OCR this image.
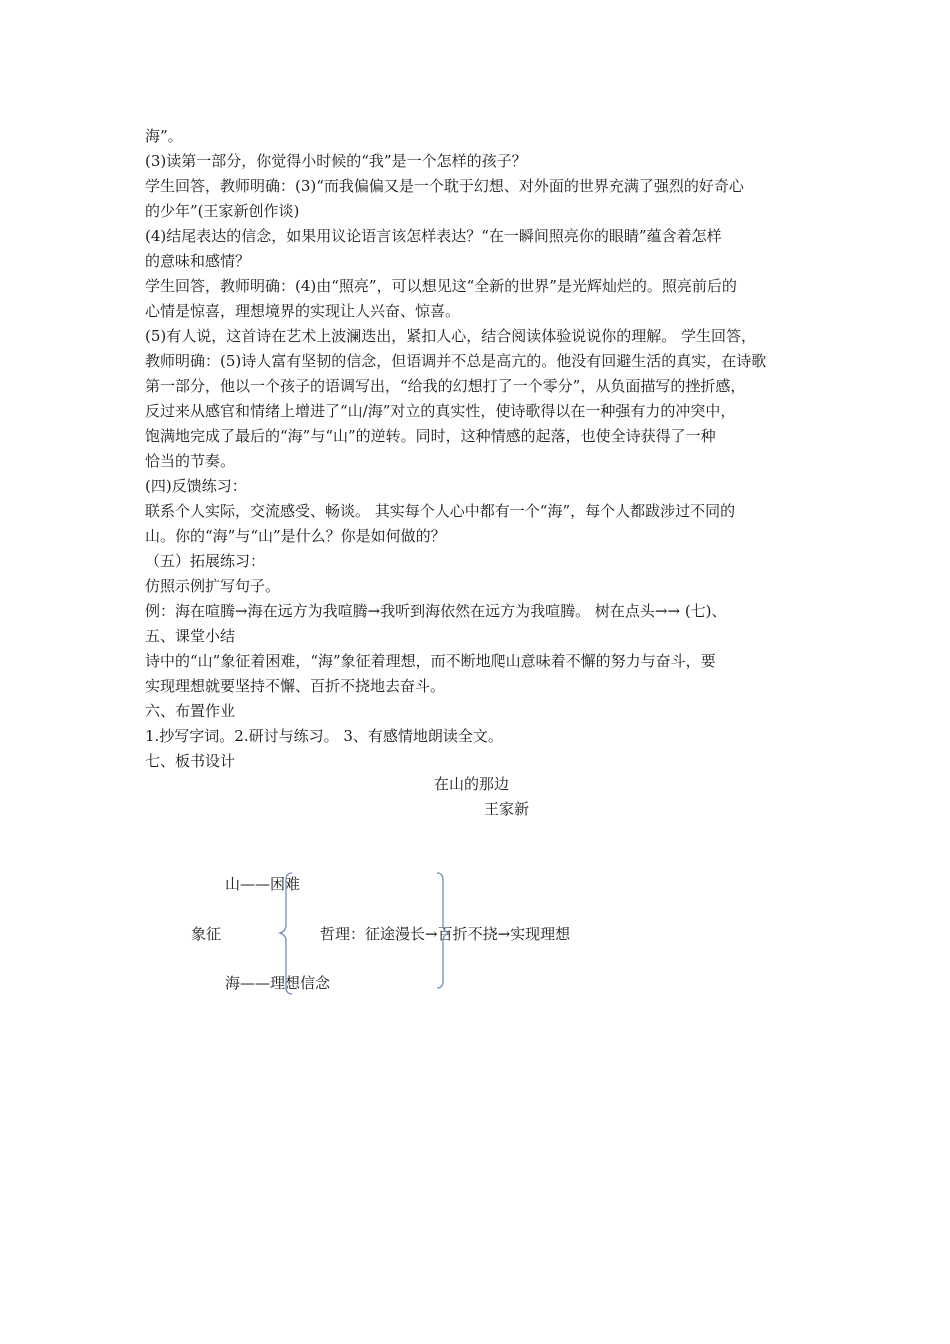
海”。
(3)读第一部分，你觉得小时候的“我”是一个怎样的孩子？
学生回答，教师明确：(3)“而我偏偏又是一个耽于幻想、对外面的世界充满了强烈的好奇心
的少年”(王家新创作谈)
(4)结尾表达的信念，如果用议论语言该怎样表达？“在一瞬间照亮你的眼睛”蕴含着怎样
的意味和感情？
学生回答，教师明确：(4)由“照亮”，可以想见这“全新的世界”是光辉灿烂的。照亮前后的
心情是惊喜，理想境界的实现让人兴奋、惊喜。
(5)有人说，这首诗在艺术上波澜迭出，紧扣人心，结合阅读体验说说你的理解。 学生回答，
教师明确：(5)诗人富有坚韧的信念，但语调并不总是高亢的。他没有回避生活的真实，在诗歌
第一部分，他以一个孩子的语调写出，“给我的幻想打了一个零分”，从负面描写的挫折感，
反过来从感官和情绪上增进了“山/海”对立的真实性，使诗歌得以在一种强有力的冲突中，
饱满地完成了最后的“海”与“山”的逆转。同时，这种情感的起落，也使全诗获得了一种
恰当的节奏。
(四)反馈练习：
联系个人实际，交流感受、畅谈。 其实每个人心中都有一个“海”，每个人都跋涉过不同的
山。你的“海”与“山”是什么？你是如何做的？
（五）拓展练习：
仿照示例扩写句子。
例：海在喧腾→海在远方为我喧腾→我听到海依然在远方为我喧腾。 树在点头→→ (七)、
五、课堂小结
诗中的“山”象征着困难，“海”象征着理想，而不断地爬山意味着不懈的努力与奋斗，要
实现理想就要坚持不懈、百折不挠地去奋斗。
六、布置作业
1.抄写字词。2.研讨与练习。 3、有感情地朗读全文。
七、板书设计
在山的那边
王家新
山——困难
象征
海——理想信念
哲理：征途漫长→百折不挠→实现理想
